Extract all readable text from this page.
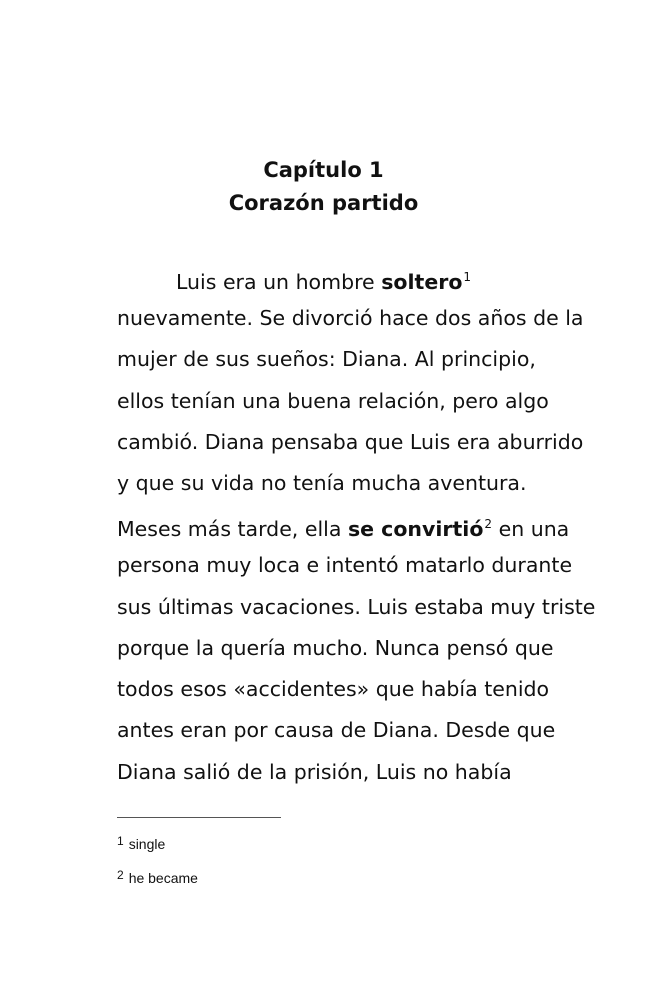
Capítulo 1
Corazón partido
Luis era un hombre soltero$^1$
nuevamente. Se divorció hace dos años de la
mujer de sus sueños: Diana. Al principio,
ellos tenían una buena relación, pero algo
cambió. Diana pensaba que Luis era aburrido
y que su vida no tenía mucha aventura.
Meses más tarde, ella se convirtió$^2$ en una
persona muy loca e intentó matarlo durante
sus últimas vacaciones. Luis estaba muy triste
porque la quería mucho. Nunca pensó que
todos esos «accidentes» que había tenido
antes eran por causa de Diana. Desde que
Diana salió de la prisión, Luis no había
1 single
2 he became
